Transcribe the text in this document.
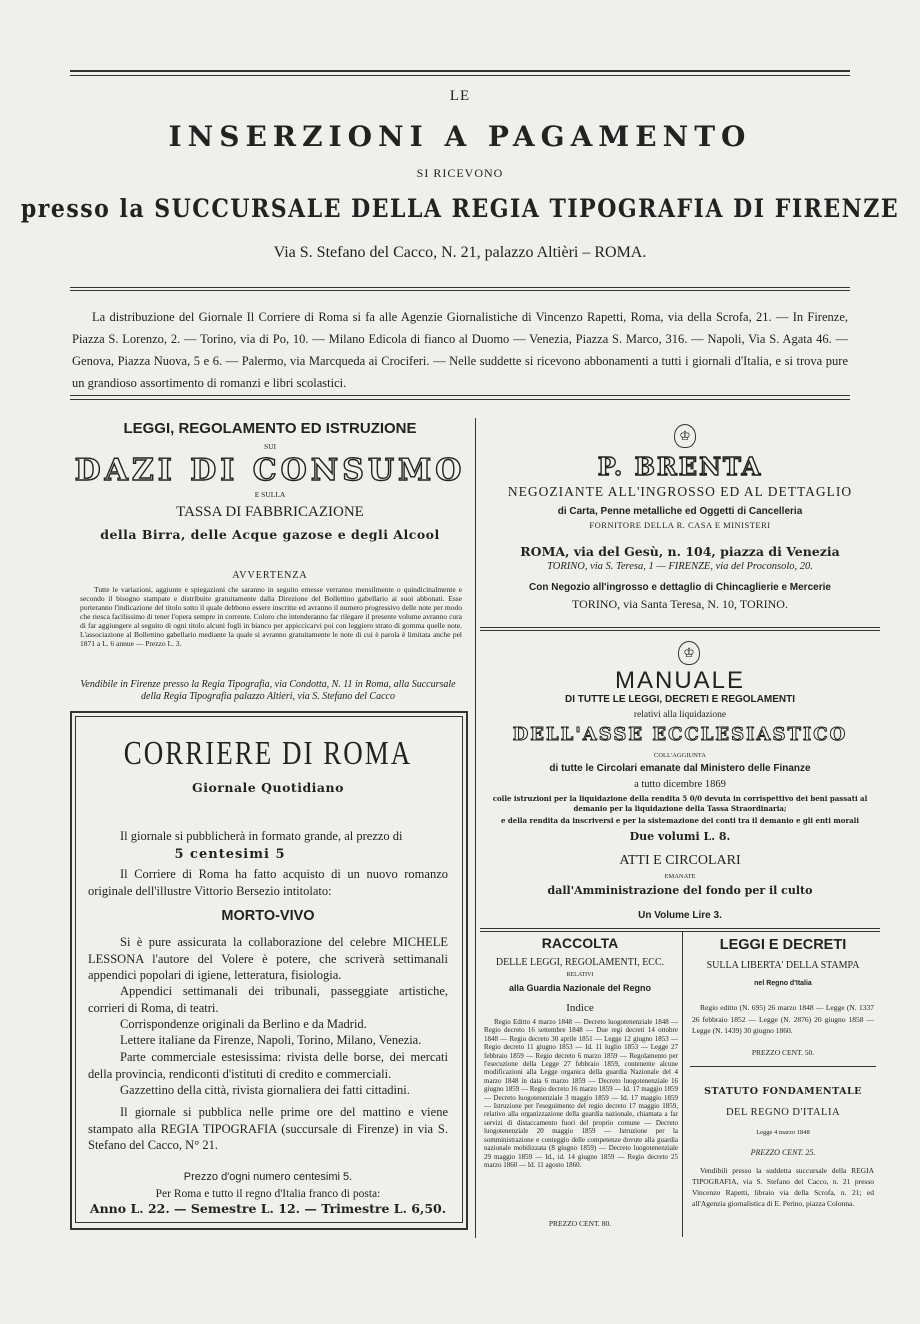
LE
INSERZIONI A PAGAMENTO
SI RICEVONO
presso la SUCCURSALE DELLA REGIA TIPOGRAFIA DI FIRENZE
Via S. Stefano del Cacco, N. 21, palazzo Altièri – ROMA.
La distribuzione del Giornale Il Corriere di Roma si fa alle Agenzie Giornalistiche di Vincenzo Rapetti, Roma, via della Scrofa, 21. — In Firenze, Piazza S. Lorenzo, 2. — Torino, via di Po, 10. — Milano Edicola di fianco al Duomo — Venezia, Piazza S. Marco, 316. — Napoli, Via S. Agata 46. — Genova, Piazza Nuova, 5 e 6. — Palermo, via Marcqueda ai Crociferi. — Nelle suddette si ricevono abbonamenti a tutti i giornali d'Italia, e si trova pure un grandioso assortimento di romanzi e libri scolastici.
LEGGI, REGOLAMENTO ED ISTRUZIONE
SUI
DAZI DI CONSUMO
E SULLA
TASSA DI FABBRICAZIONE
della Birra, delle Acque gazose e degli Alcool
AVVERTENZA
Tutte le variazioni, aggiunte e spiegazioni che saranno in seguito emesse verranno mensilmente o quindicinalmente e secondo il bisogno stampate e distribuite gratuitamente dalla Direzione del Bollettino gabellario ai suoi abbonati. Esse porteranno l'indicazione del titolo sotto il quale debbono essere inscritte ed avranno il numero progressivo delle note per modo che riesca facilissimo di tener l'opera sempre in corrente. Coloro che intenderanno far rilegare il presente volume avranno cura di far aggiungere al seguito di ogni titolo alcuni fogli in bianco per appiccicarvi poi con leggiero strato di gomma quelle note. L'associazione al Bollettino gabellario mediante la quale si avranno gratuitamente le note di cui è parola è limitata anche pel 1871 a L. 6 annue — Prezzo L. 3.
Vendibile in Firenze presso la Regia Tipografia, via Condotta, N. 11 in Roma, alla Succursale della Regia Tipografia palazzo Altieri, via S. Stefano del Cacco
CORRIERE DI ROMA
Giornale Quotidiano
Il giornale si pubblicherà in formato grande, al prezzo di
5 centesimi 5
Il Corriere di Roma ha fatto acquisto di un nuovo romanzo originale dell'illustre Vittorio Bersezio intitolato:
MORTO-VIVO
Si è pure assicurata la collaborazione del celebre MICHELE LESSONA l'autore del Volere è potere, che scriverà settimanali appendici popolari di igiene, letteratura, fisiologia.
Appendici settimanali dei tribunali, passeggiate artistiche, corrieri di Roma, di teatri.
Corrispondenze originali da Berlino e da Madrid.
Lettere italiane da Firenze, Napoli, Torino, Milano, Venezia.
Parte commerciale estesissima: rivista delle borse, dei mercati della provincia, rendiconti d'istituti di credito e commerciali.
Gazzettino della città, rivista giornaliera dei fatti cittadini.
Il giornale si pubblica nelle prime ore del mattino e viene stampato alla REGIA TIPOGRAFIA (succursale di Firenze) in via S. Stefano del Cacco, N° 21.
Prezzo d'ogni numero centesimi 5.
Per Roma e tutto il regno d'Italia franco di posta:
Anno L. 22. — Semestre L. 12. — Trimestre L. 6,50.
♔
P. BRENTA
NEGOZIANTE ALL'INGROSSO ED AL DETTAGLIO
di Carta, Penne metalliche ed Oggetti di Cancelleria
FORNITORE DELLA R. CASA E MINISTERI
ROMA, via del Gesù, n. 104, piazza di Venezia
TORINO, via S. Teresa, 1 — FIRENZE, via del Proconsolo, 20.
Con Negozio all'ingrosso e dettaglio di Chincaglierie e Mercerie
TORINO, via Santa Teresa, N. 10, TORINO.
♔
MANUALE
DI TUTTE LE LEGGI, DECRETI E REGOLAMENTI
relativi alla liquidazione
DELL'ASSE ECCLESIASTICO
COLL'AGGIUNTA
di tutte le Circolari emanate dal Ministero delle Finanze
a tutto dicembre 1869
colle istruzioni per la liquidazione della rendita 5 0/0 devuta in corrispettivo dei beni passati al demanio per la liquidazione della Tassa Straordinaria;
e della rendita da inscriversi e per la sistemazione dei conti tra il demanio e gli enti morali
Due volumi L. 8.
ATTI E CIRCOLARI
EMANATE
dall'Amministrazione del fondo per il culto
Un Volume Lire 3.
RACCOLTA
DELLE LEGGI, REGOLAMENTI, ECC.
RELATIVI
alla Guardia Nazionale del Regno
Indice
Regio Editto 4 marzo 1848 — Decreto luogotenenziale 1848 — Regio decreto 16 settembre 1848 — Due regi decreti 14 ottobre 1848 — Regio decreto 30 aprile 1851 — Legge 12 giugno 1853 — Regio decreto 11 giugno 1853 — Id. 11 luglio 1853 — Legge 27 febbraio 1859 — Regio decreto 6 marzo 1859 — Regolamento per l'esecuzione della Legge 27 febbraio 1859, contenente alcune modificazioni alla Legge organica della guardia Nazionale del 4 marzo 1848 in data 6 marzo 1859 — Decreto luogotenenziale 16 giugno 1859 — Regio decreto 16 marzo 1859 — Id. 17 maggio 1859 — Decreto luogotenenziale 3 maggio 1859 — Id. 17 maggio 1859 — Istruzione per l'eseguimento del regio decreto 17 maggio 1859, relativo alla organizzazione della guardia nazionale, chiamata a far servizi di distaccamento fuori del proprio comune — Decreto luogotenenziale 20 maggio 1859 — Istruzione per la somministrazione e conteggio delle competenze dovute alla guardia nazionale mobilizzata (8 giugno 1859) — Decreto luogotenenziale 29 maggio 1859 — Id., id. 14 giugno 1859 — Regio decreto 25 marzo 1860 — Id. 11 agosto 1860.
PREZZO CENT. 80.
LEGGI E DECRETI
SULLA LIBERTA' DELLA STAMPA
nel Regno d'Italia
Regio editto (N. 695) 26 marzo 1848 — Legge (N. 1337 26 febbraio 1852 — Legge (N. 2876) 20 giugno 1858 — Legge (N. 1439) 30 giugno 1860.
PREZZO CENT. 50.
STATUTO FONDAMENTALE
DEL REGNO D'ITALIA
Legge 4 marzo 1848
PREZZO CENT. 25.
Vendibili presso la suddetta succursale della REGIA TIPOGRAFIA, via S. Stefano del Cacco, n. 21 presso Vincenzo Rapetti, libraio via della Scrofa, n. 21; ed all'Agenzia giornalistica di E. Perino, piazza Colonna.
